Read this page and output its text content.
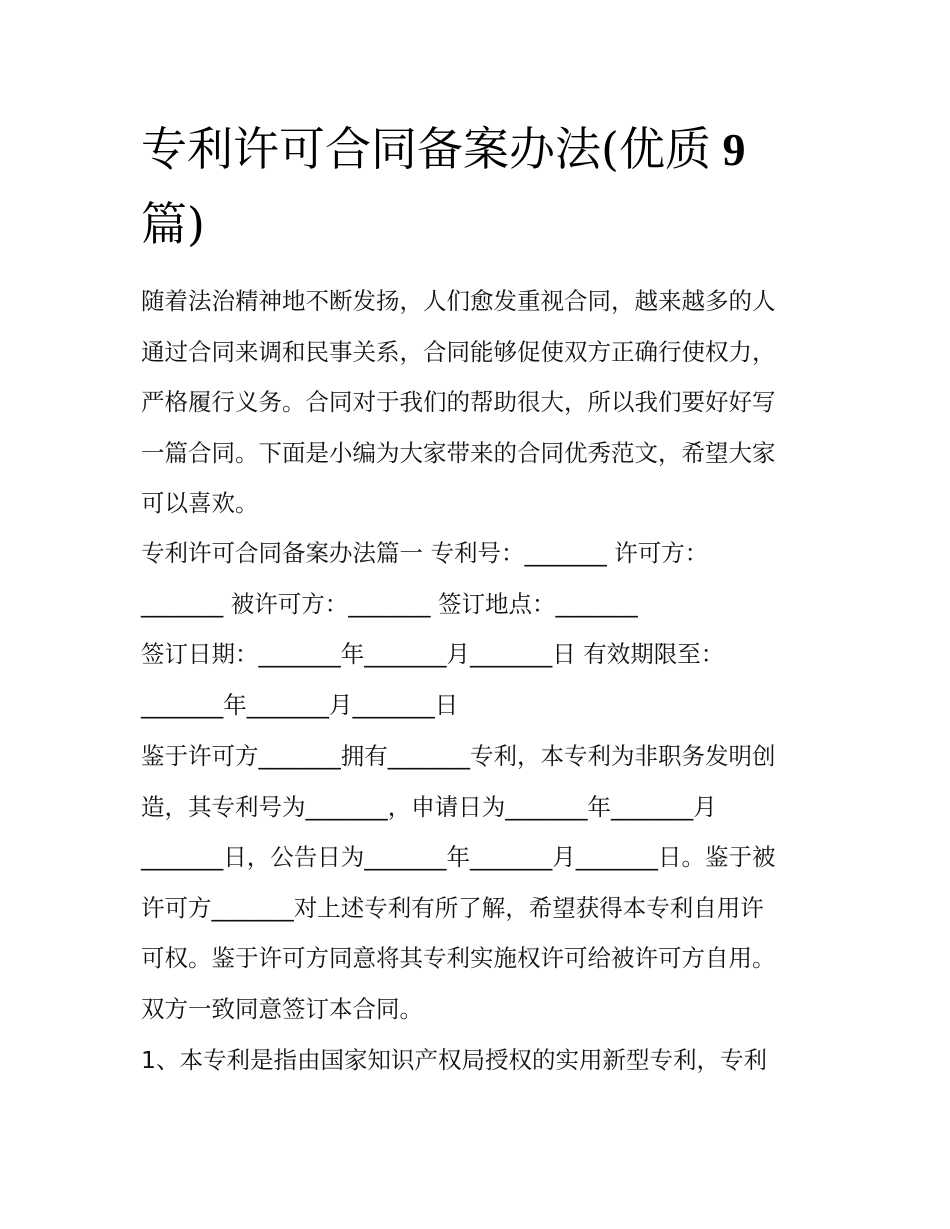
专利许可合同备案办法(优质 9
篇)
随着法治精神地不断发扬，人们愈发重视合同，越来越多的人
通过合同来调和民事关系，合同能够促使双方正确行使权力，
严格履行义务。合同对于我们的帮助很大，所以我们要好好写
一篇合同。下面是小编为大家带来的合同优秀范文，希望大家
可以喜欢。
专利许可合同备案办法篇一 专利号：_______ 许可方：
_______ 被许可方：_______ 签订地点：_______
签订日期：_______年_______月_______日 有效期限至：
_______年_______月_______日
鉴于许可方_______拥有_______专利，本专利为非职务发明创
造，其专利号为_______，申请日为_______年_______月
_______日，公告日为_______年_______月_______日。鉴于被
许可方_______对上述专利有所了解，希望获得本专利自用许
可权。鉴于许可方同意将其专利实施权许可给被许可方自用。
双方一致同意签订本合同。
1、本专利是指由国家知识产权局授权的实用新型专利，专利
